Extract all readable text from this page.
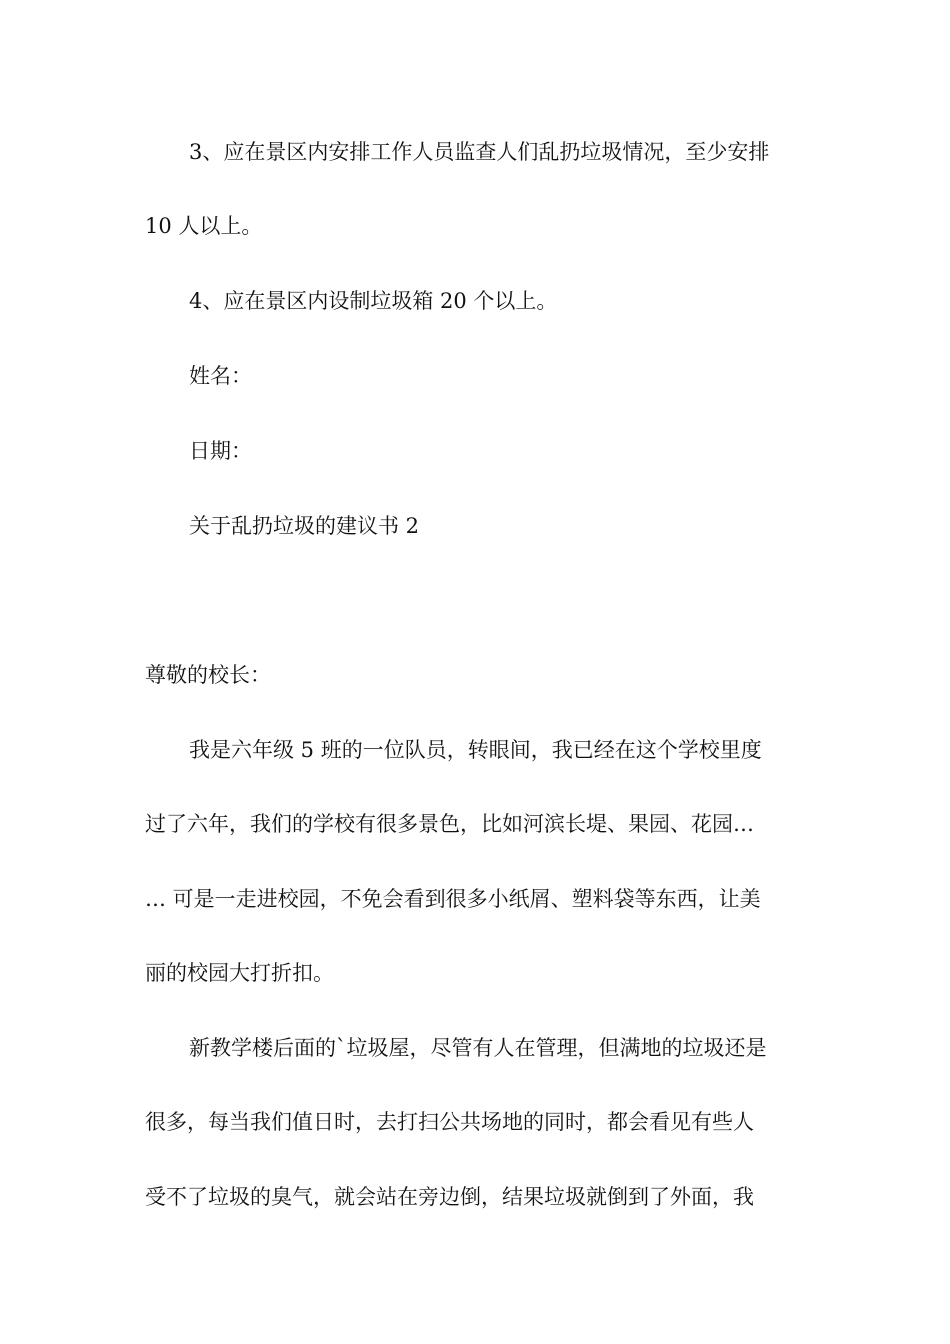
3、应在景区内安排工作人员监查人们乱扔垃圾情况，至少安排
10 人以上。
4、应在景区内设制垃圾箱 20 个以上。
姓名：
日期：
关于乱扔垃圾的建议书 2
尊敬的校长：
我是六年级 5 班的一位队员，转眼间，我已经在这个学校里度
过了六年，我们的学校有很多景色，比如河滨长堤、果园、花园…
… 可是一走进校园，不免会看到很多小纸屑、塑料袋等东西，让美
丽的校园大打折扣。
新教学楼后面的`垃圾屋，尽管有人在管理，但满地的垃圾还是
很多，每当我们值日时，去打扫公共场地的同时，都会看见有些人
受不了垃圾的臭气，就会站在旁边倒，结果垃圾就倒到了外面，我
